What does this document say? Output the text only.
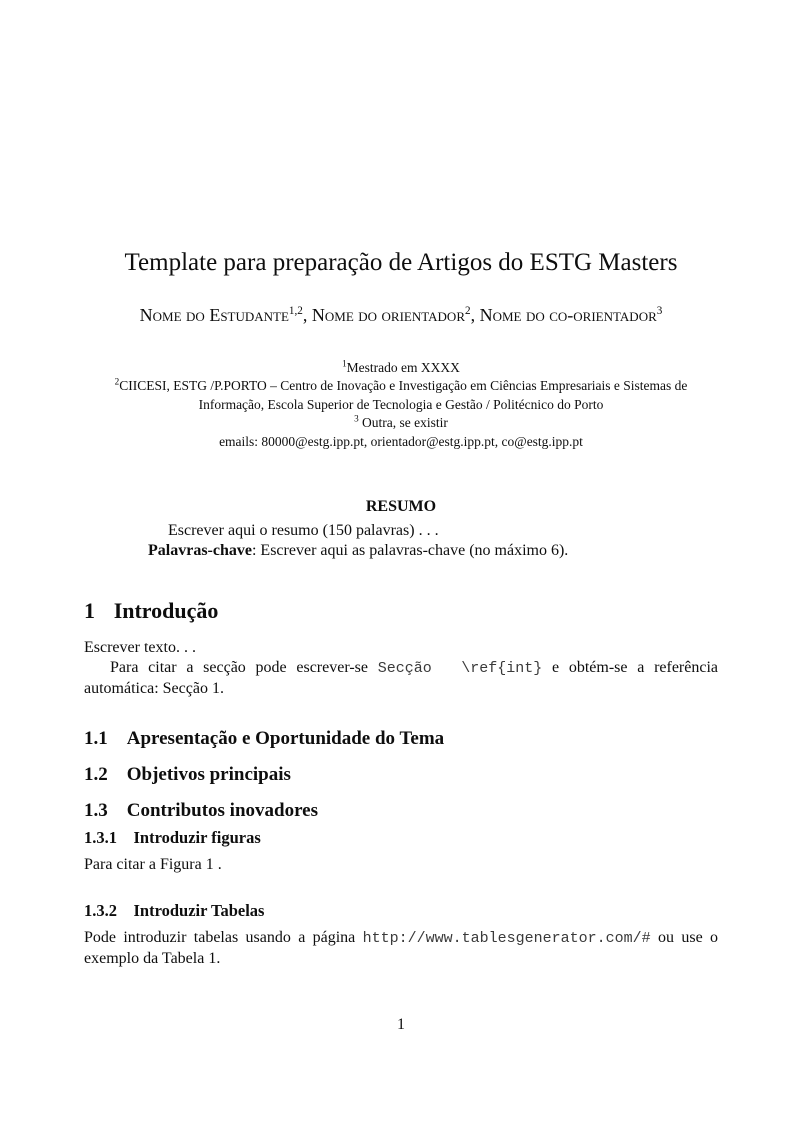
Template para preparação de Artigos do ESTG Masters
Nome do Estudante$^{1,2}$, Nome do orientador$^2$, Nome do co-orientador$^3$
$^1$Mestrado em XXXX
$^2$CIICESI, ESTG /P.PORTO – Centro de Inovação e Investigação em Ciências Empresariais e Sistemas de Informação, Escola Superior de Tecnologia e Gestão / Politécnico do Porto
$^3$ Outra, se existir
emails: 80000@estg.ipp.pt, orientador@estg.ipp.pt, co@estg.ipp.pt
RESUMO
Escrever aqui o resumo (150 palavras) . . .
Palavras-chave: Escrever aqui as palavras-chave (no máximo 6).
1 Introdução
Escrever texto. . .
Para citar a secção pode escrever-se Secção  \ref{int} e obtém-se a referência automática: Secção 1.
1.1 Apresentação e Oportunidade do Tema
1.2 Objetivos principais
1.3 Contributos inovadores
1.3.1 Introduzir figuras
Para citar a Figura 1 .
1.3.2 Introduzir Tabelas
Pode introduzir tabelas usando a página http://www.tablesgenerator.com/# ou use o exemplo da Tabela 1.
1
